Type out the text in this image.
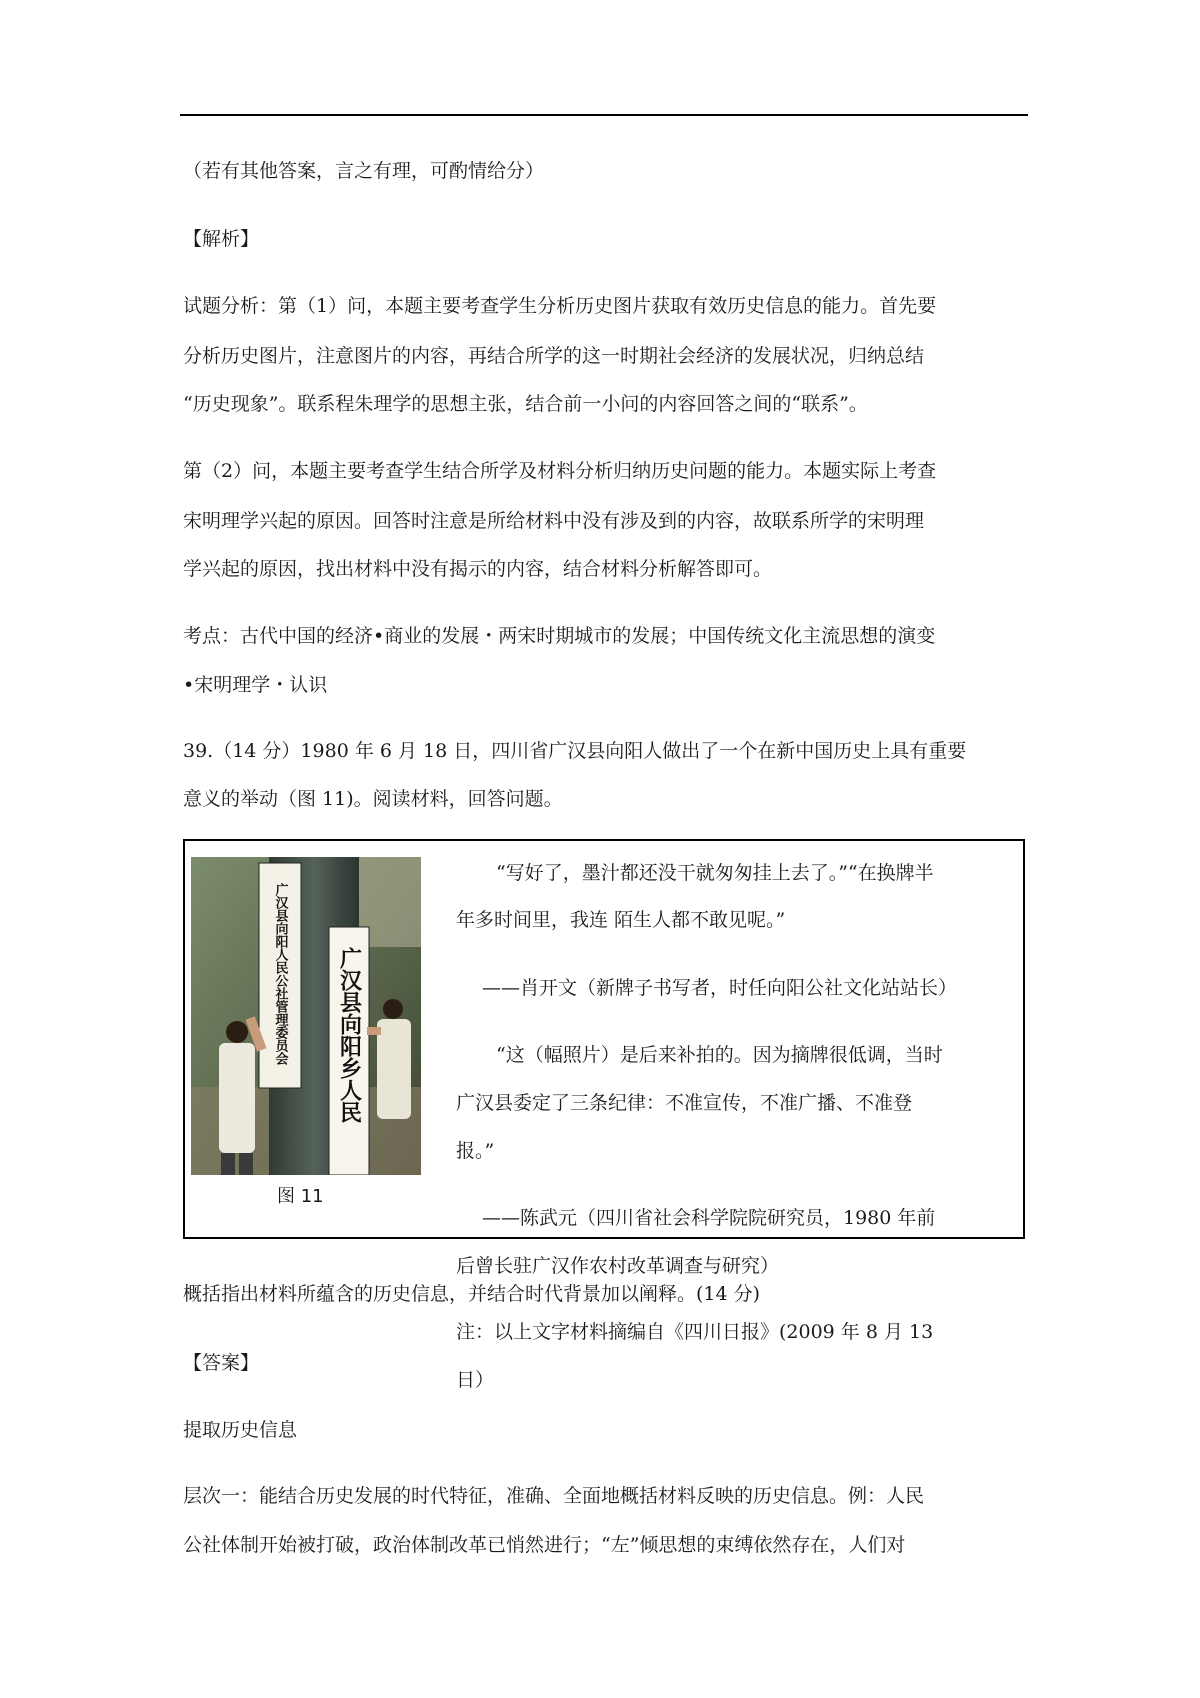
（若有其他答案，言之有理，可酌情给分）
【解析】
试题分析：第（1）问，本题主要考查学生分析历史图片获取有效历史信息的能力。首先要
分析历史图片，注意图片的内容，再结合所学的这一时期社会经济的发展状况，归纳总结
“历史现象”。联系程朱理学的思想主张，结合前一小问的内容回答之间的“联系”。
第（2）问，本题主要考查学生结合所学及材料分析归纳历史问题的能力。本题实际上考查
宋明理学兴起的原因。回答时注意是所给材料中没有涉及到的内容，故联系所学的宋明理
学兴起的原因，找出材料中没有揭示的内容，结合材料分析解答即可。
考点：古代中国的经济•商业的发展・两宋时期城市的发展；中国传统文化主流思想的演变
•宋明理学・认识
39.（14 分）1980 年 6 月 18 日，四川省广汉县向阳人做出了一个在新中国历史上具有重要
意义的举动（图 11)。阅读材料，回答问题。
广汉县向阳人民公社管理委员会 广汉县向阳乡人民
图 11
“写好了，墨汁都还没干就匆匆挂上去了。”“在换牌半
年多时间里，我连 陌生人都不敢见呢。”
——肖开文（新牌子书写者，时任向阳公社文化站站长）
“这（幅照片）是后来补拍的。因为摘牌很低调，当时
广汉县委定了三条纪律：不准宣传，不准广播、不准登
报。”
——陈武元（四川省社会科学院院研究员，1980 年前
后曾长驻广汉作农村改革调查与研究）
概括指出材料所蕴含的历史信息，并结合时代背景加以阐释。(14 分)
注：以上文字材料摘编自《四川日报》(2009 年 8 月 13
【答案】
日）
提取历史信息
层次一：能结合历史发展的时代特征，准确、全面地概括材料反映的历史信息。例：人民
公社体制开始被打破，政治体制改革已悄然进行；“左”倾思想的束缚依然存在，人们对
